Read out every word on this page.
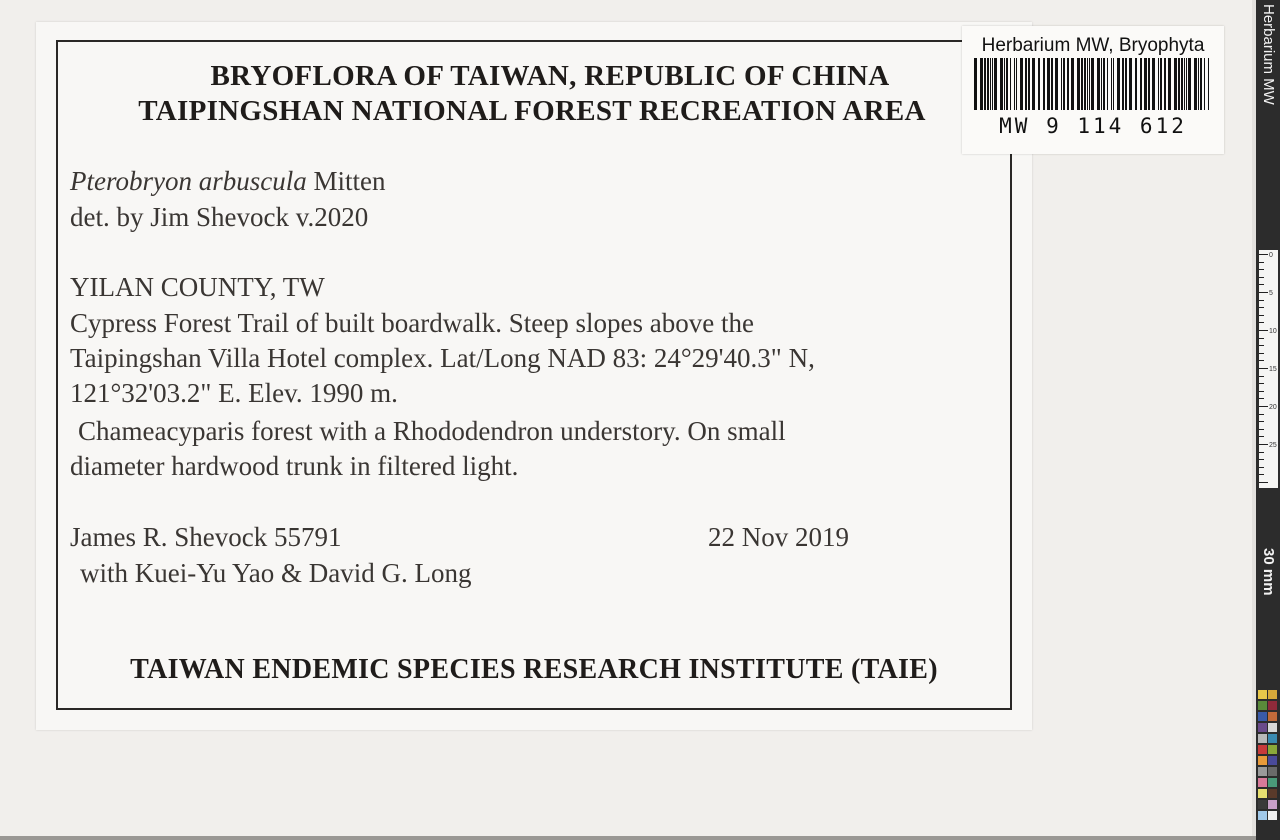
BRYOFLORA OF TAIWAN, REPUBLIC OF CHINA
TAIPINGSHAN NATIONAL FOREST RECREATION AREA
Pterobryon arbuscula Mitten
det. by Jim Shevock v.2020
YILAN COUNTY, TW
Cypress Forest Trail of built boardwalk. Steep slopes above the
Taipingshan Villa Hotel complex. Lat/Long NAD 83: 24°29'40.3" N,
121°32'03.2" E. Elev. 1990 m.
Chameacyparis forest with a Rhododendron understory. On small
diameter hardwood trunk in filtered light.
James R. Shevock 55791	22 Nov 2019
with Kuei-Yu Yao & David G. Long
TAIWAN ENDEMIC SPECIES RESEARCH INSTITUTE (TAIE)
Herbarium MW, Bryophyta
MW 9 114 612
Herbarium MW
0
5
10
15
20
25
30 mm
